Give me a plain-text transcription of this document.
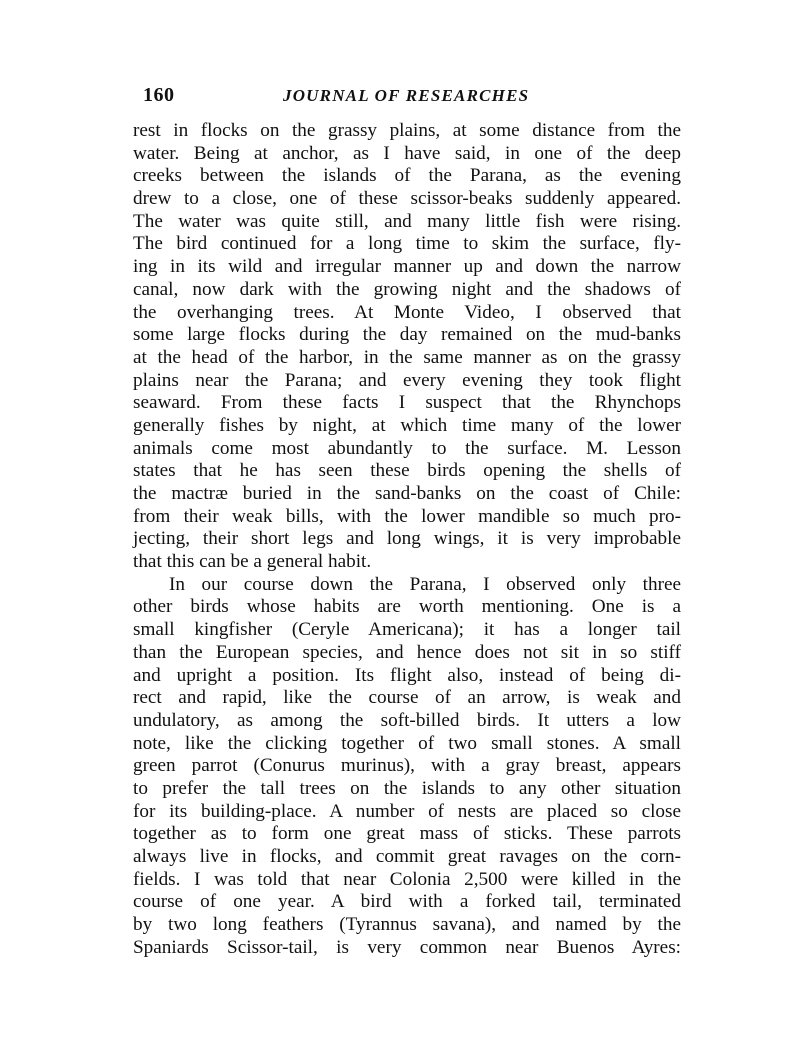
160	JOURNAL OF RESEARCHES
rest in flocks on the grassy plains, at some distance from the
water. Being at anchor, as I have said, in one of the deep
creeks between the islands of the Parana, as the evening
drew to a close, one of these scissor-beaks suddenly appeared.
The water was quite still, and many little fish were rising.
The bird continued for a long time to skim the surface, fly-
ing in its wild and irregular manner up and down the narrow
canal, now dark with the growing night and the shadows of
the overhanging trees. At Monte Video, I observed that
some large flocks during the day remained on the mud-banks
at the head of the harbor, in the same manner as on the grassy
plains near the Parana; and every evening they took flight
seaward. From these facts I suspect that the Rhynchops
generally fishes by night, at which time many of the lower
animals come most abundantly to the surface. M. Lesson
states that he has seen these birds opening the shells of
the mactræ buried in the sand-banks on the coast of Chile:
from their weak bills, with the lower mandible so much pro-
jecting, their short legs and long wings, it is very improbable
that this can be a general habit.
In our course down the Parana, I observed only three
other birds whose habits are worth mentioning. One is a
small kingfisher (Ceryle Americana); it has a longer tail
than the European species, and hence does not sit in so stiff
and upright a position. Its flight also, instead of being di-
rect and rapid, like the course of an arrow, is weak and
undulatory, as among the soft-billed birds. It utters a low
note, like the clicking together of two small stones. A small
green parrot (Conurus murinus), with a gray breast, appears
to prefer the tall trees on the islands to any other situation
for its building-place. A number of nests are placed so close
together as to form one great mass of sticks. These parrots
always live in flocks, and commit great ravages on the corn-
fields. I was told that near Colonia 2,500 were killed in the
course of one year. A bird with a forked tail, terminated
by two long feathers (Tyrannus savana), and named by the
Spaniards Scissor-tail, is very common near Buenos Ayres:
